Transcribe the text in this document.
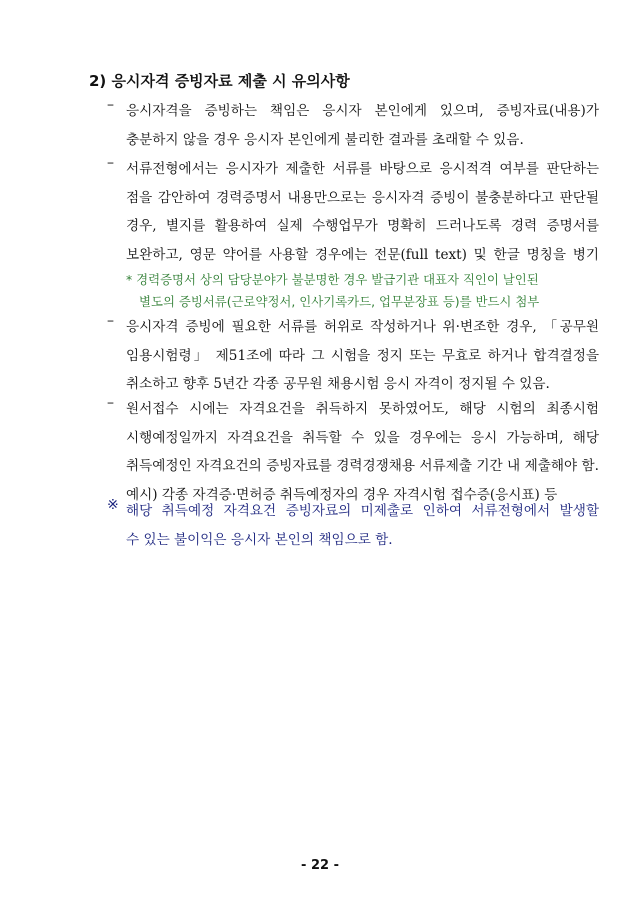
2) 응시자격 증빙자료 제출 시 유의사항
– 응시자격을 증빙하는 책임은 응시자 본인에게 있으며, 증빙자료(내용)가
충분하지 않을 경우 응시자 본인에게 불리한 결과를 초래할 수 있음.
– 서류전형에서는 응시자가 제출한 서류를 바탕으로 응시적격 여부를 판단하는
점을 감안하여 경력증명서 내용만으로는 응시자격 증빙이 불충분하다고 판단될
경우, 별지를 활용하여 실제 수행업무가 명확히 드러나도록 경력 증명서를
보완하고, 영문 약어를 사용할 경우에는 전문(full text) 및 한글 명칭을 병기
* 경력증명서 상의 담당분야가 불분명한 경우 발급기관 대표자 직인이 날인된
별도의 증빙서류(근로약정서, 인사기록카드, 업무분장표 등)를 반드시 첨부
– 응시자격 증빙에 필요한 서류를 허위로 작성하거나 위·변조한 경우, 「공무원
임용시험령」 제51조에 따라 그 시험을 정지 또는 무효로 하거나 합격결정을
취소하고 향후 5년간 각종 공무원 채용시험 응시 자격이 정지될 수 있음.
– 원서접수 시에는 자격요건을 취득하지 못하였어도, 해당 시험의 최종시험
시행예정일까지 자격요건을 취득할 수 있을 경우에는 응시 가능하며, 해당
취득예정인 자격요건의 증빙자료를 경력경쟁채용 서류제출 기간 내 제출해야 함.
예시) 각종 자격증·면허증 취득예정자의 경우 자격시험 접수증(응시표) 등
※ 해당 취득예정 자격요건 증빙자료의 미제출로 인하여 서류전형에서 발생할
수 있는 불이익은 응시자 본인의 책임으로 함.
- 22 -
